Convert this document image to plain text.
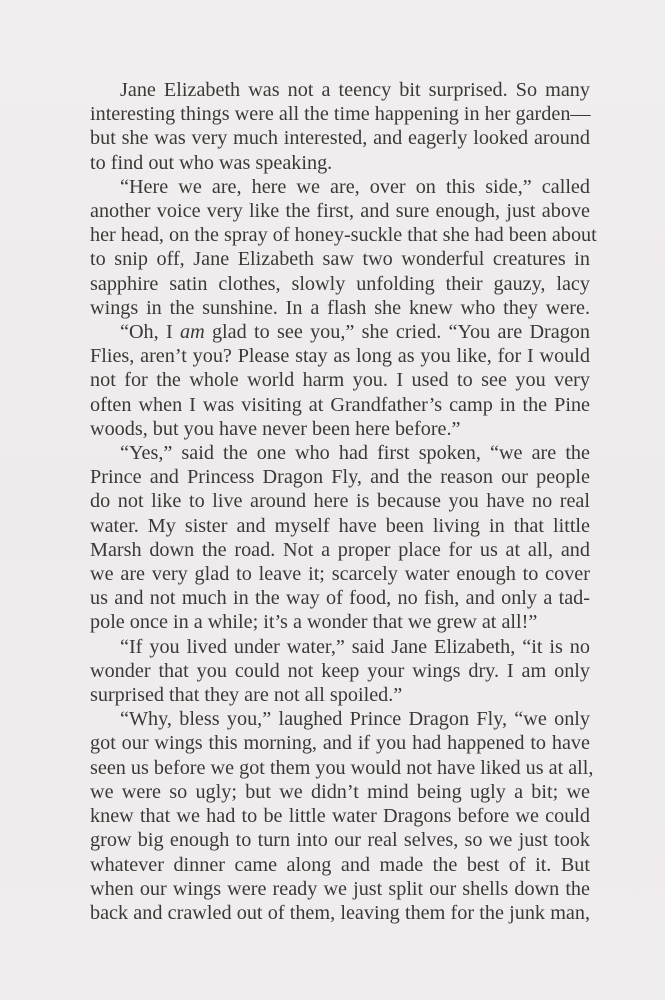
Jane Elizabeth was not a teency bit surprised. So many
interesting things were all the time happening in her garden—
but she was very much interested, and eagerly looked around
to find out who was speaking.

“Here we are, here we are, over on this side,” called
another voice very like the first, and sure enough, just above
her head, on the spray of honey-suckle that she had been about
to snip off, Jane Elizabeth saw two wonderful creatures in
sapphire satin clothes, slowly unfolding their gauzy, lacy
wings in the sunshine. In a flash she knew who they were.

“Oh, I am glad to see you,” she cried. “You are Dragon
Flies, aren’t you? Please stay as long as you like, for I would
not for the whole world harm you. I used to see you very
often when I was visiting at Grandfather’s camp in the Pine
woods, but you have never been here before.”

“Yes,” said the one who had first spoken, “we are the
Prince and Princess Dragon Fly, and the reason our people
do not like to live around here is because you have no real
water. My sister and myself have been living in that little
Marsh down the road. Not a proper place for us at all, and
we are very glad to leave it; scarcely water enough to cover
us and not much in the way of food, no fish, and only a tad-
pole once in a while; it’s a wonder that we grew at all!”

“If you lived under water,” said Jane Elizabeth, “it is no
wonder that you could not keep your wings dry. I am only
surprised that they are not all spoiled.”

“Why, bless you,” laughed Prince Dragon Fly, “we only
got our wings this morning, and if you had happened to have
seen us before we got them you would not have liked us at all,
we were so ugly; but we didn’t mind being ugly a bit; we
knew that we had to be little water Dragons before we could
grow big enough to turn into our real selves, so we just took
whatever dinner came along and made the best of it. But
when our wings were ready we just split our shells down the
back and crawled out of them, leaving them for the junk man,
